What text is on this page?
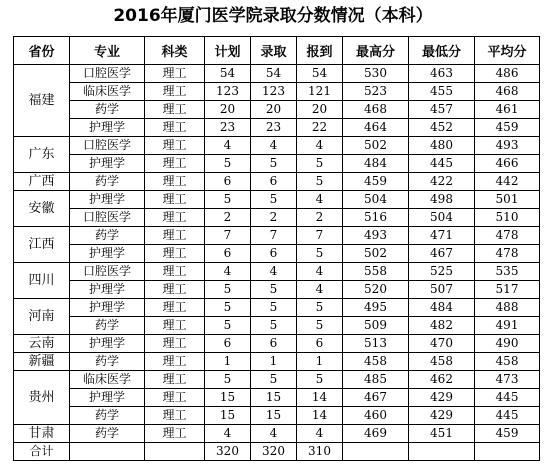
2016年厦门医学院录取分数情况（本科）
省份	专业	科类	计划	录取	报到	最高分	最低分	平均分
福建	口腔医学	理工	54	54	54	530	463	486
	临床医学	理工	123	123	121	523	455	468
	药学	理工	20	20	20	468	457	461
	护理学	理工	23	23	22	464	452	459
广东	口腔医学	理工	4	4	4	502	480	493
	护理学	理工	5	5	5	484	445	466
广西	药学	理工	6	6	5	459	422	442
安徽	护理学	理工	5	5	4	504	498	501
	口腔医学	理工	2	2	2	516	504	510
江西	药学	理工	7	7	7	493	471	478
	护理学	理工	6	6	5	502	467	478
四川	口腔医学	理工	4	4	4	558	525	535
	护理学	理工	5	5	4	520	507	517
河南	护理学	理工	5	5	5	495	484	488
	药学	理工	5	5	5	509	482	491
云南	护理学	理工	6	6	6	513	470	490
新疆	药学	理工	1	1	1	458	458	458
贵州	临床医学	理工	5	5	5	485	462	473
	护理学	理工	15	15	14	467	429	445
	药学	理工	15	15	14	460	429	445
甘肃	药学	理工	4	4	4	469	451	459
合计			320	320	310			
